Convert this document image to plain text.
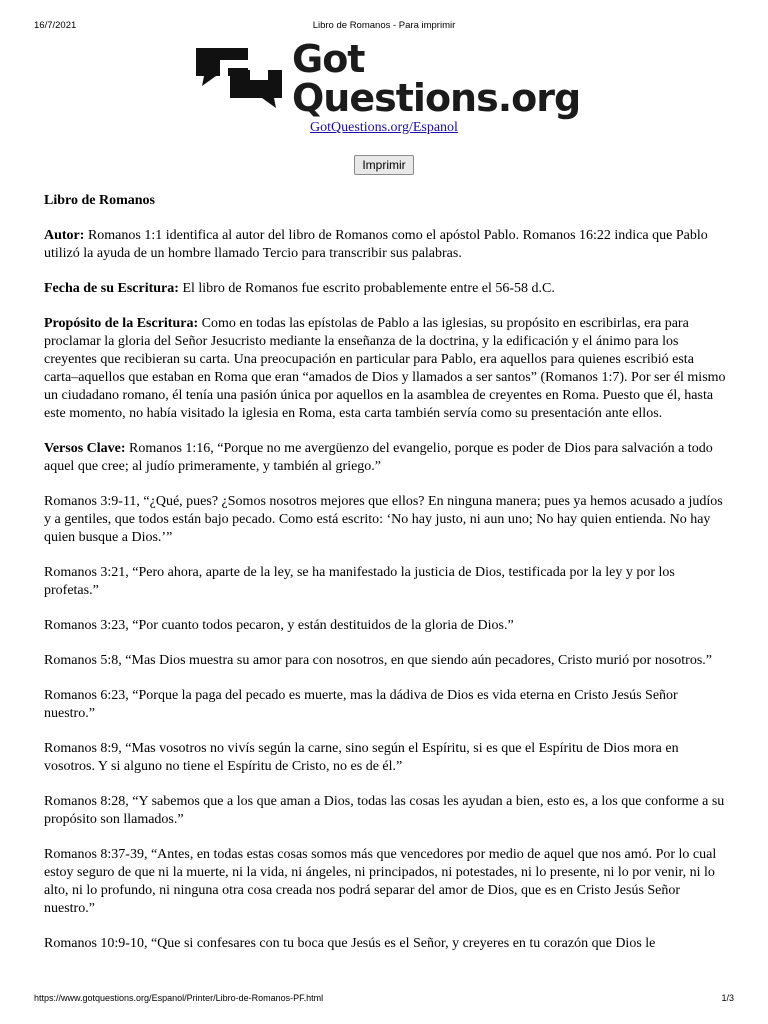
16/7/2021	Libro de Romanos - Para imprimir
Got
Questions.org
GotQuestions.org/Espanol
Imprimir

Libro de Romanos

Autor: Romanos 1:1 identifica al autor del libro de Romanos como el apóstol Pablo. Romanos 16:22 indica que Pablo utilizó la ayuda de un hombre llamado Tercio para transcribir sus palabras.

Fecha de su Escritura: El libro de Romanos fue escrito probablemente entre el 56-58 d.C.

Propósito de la Escritura: Como en todas las epístolas de Pablo a las iglesias, su propósito en escribirlas, era para proclamar la gloria del Señor Jesucristo mediante la enseñanza de la doctrina, y la edificación y el ánimo para los creyentes que recibieran su carta. Una preocupación en particular para Pablo, era aquellos para quienes escribió esta carta–aquellos que estaban en Roma que eran “amados de Dios y llamados a ser santos” (Romanos 1:7). Por ser él mismo un ciudadano romano, él tenía una pasión única por aquellos en la asamblea de creyentes en Roma. Puesto que él, hasta este momento, no había visitado la iglesia en Roma, esta carta también servía como su presentación ante ellos.

Versos Clave: Romanos 1:16, “Porque no me avergüenzo del evangelio, porque es poder de Dios para salvación a todo aquel que cree; al judío primeramente, y también al griego.”

Romanos 3:9-11, “¿Qué, pues? ¿Somos nosotros mejores que ellos? En ninguna manera; pues ya hemos acusado a judíos y a gentiles, que todos están bajo pecado. Como está escrito: ‘No hay justo, ni aun uno; No hay quien entienda. No hay quien busque a Dios.’”

Romanos 3:21, “Pero ahora, aparte de la ley, se ha manifestado la justicia de Dios, testificada por la ley y por los profetas.”

Romanos 3:23, “Por cuanto todos pecaron, y están destituidos de la gloria de Dios.”

Romanos 5:8, “Mas Dios muestra su amor para con nosotros, en que siendo aún pecadores, Cristo murió por nosotros.”

Romanos 6:23, “Porque la paga del pecado es muerte, mas la dádiva de Dios es vida eterna en Cristo Jesús Señor nuestro.”

Romanos 8:9, “Mas vosotros no vivís según la carne, sino según el Espíritu, si es que el Espíritu de Dios mora en vosotros. Y si alguno no tiene el Espíritu de Cristo, no es de él.”

Romanos 8:28, “Y sabemos que a los que aman a Dios, todas las cosas les ayudan a bien, esto es, a los que conforme a su propósito son llamados.”

Romanos 8:37-39, “Antes, en todas estas cosas somos más que vencedores por medio de aquel que nos amó. Por lo cual estoy seguro de que ni la muerte, ni la vida, ni ángeles, ni principados, ni potestades, ni lo presente, ni lo por venir, ni lo alto, ni lo profundo, ni ninguna otra cosa creada nos podrá separar del amor de Dios, que es en Cristo Jesús Señor nuestro.”

Romanos 10:9-10, “Que si confesares con tu boca que Jesús es el Señor, y creyeres en tu corazón que Dios le

https://www.gotquestions.org/Espanol/Printer/Libro-de-Romanos-PF.html	1/3
